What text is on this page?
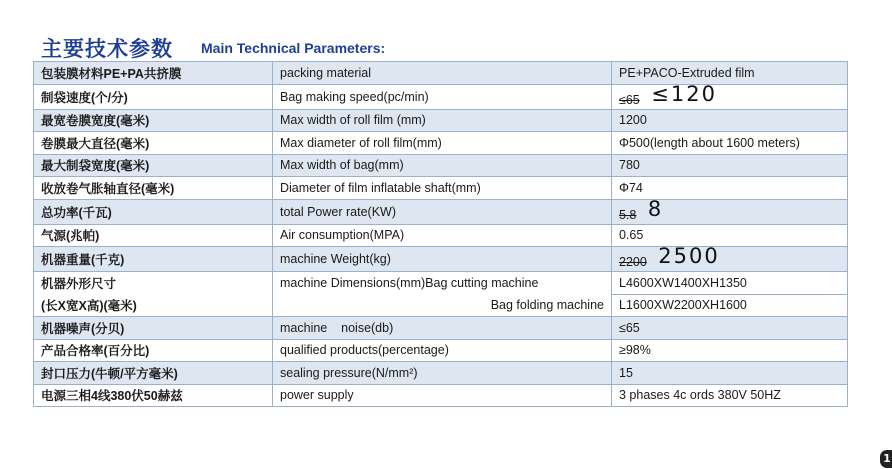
主要技术参数 Main Technical Parameters:
包装膜材料PE+PA共挤膜	packing material	PE+PACO-Extruded film
制袋速度(个/分)	Bag making speed(pc/min)	≤65 ≤120
最宽卷膜宽度(毫米)	Max width of roll film (mm)	1200
卷膜最大直径(毫米)	Max diameter of roll film(mm)	Φ500(length about 1600 meters)
最大制袋宽度(毫米)	Max width of bag(mm)	780
收放卷气胀轴直径(毫米)	Diameter of film inflatable shaft(mm)	Φ74
总功率(千瓦)	total Power rate(KW)	5.8 8
气源(兆帕)	Air consumption(MPA)	0.65
机器重量(千克)	machine Weight(kg)	2200 2500
机器外形尺寸	machine Dimensions(mm)Bag cutting machine	L4600XW1400XH1350
(长X宽X高)(毫米)	Bag folding machine	L1600XW2200XH1600
机器噪声(分贝)	machine    noise(db)	≤65
产品合格率(百分比)	qualified products(percentage)	≥98%
封口压力(牛顿/平方毫米)	sealing pressure(N/mm²)	15
电源三相4线380伏50赫兹	power supply	3 phases 4c ords 380V 50HZ
1
